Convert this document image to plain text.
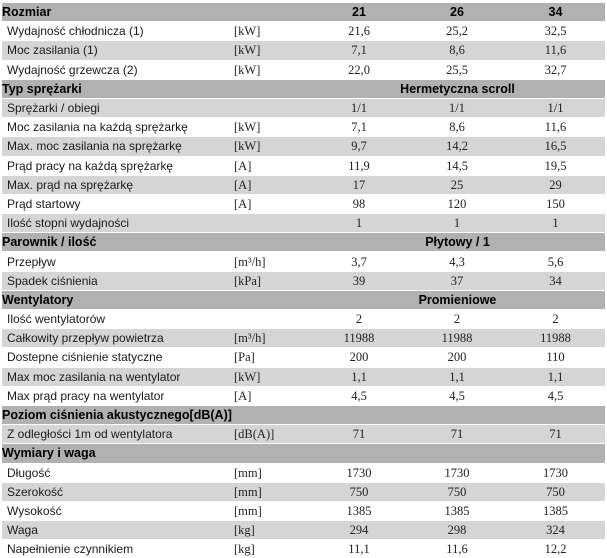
Rozmiar		21	26	34
Wydajność chłodnicza (1)	[kW]	21,6	25,2	32,5
Moc zasilania (1)	[kW]	7,1	8,6	11,6
Wydajność grzewcza (2)	[kW]	22,0	25,5	32,7
Typ sprężarki		Hermetyczna scroll		
Sprężarki / obiegi		1/1	1/1	1/1
Moc zasilania na każdą sprężarkę	[kW]	7,1	8,6	11,6
Max. moc zasilania na sprężarkę	[kW]	9,7	14,2	16,5
Prąd pracy na każdą sprężarkę	[A]	11,9	14,5	19,5
Max. prąd na sprężarkę	[A]	17	25	29
Prąd startowy	[A]	98	120	150
Ilość stopni wydajności		1	1	1
Parownik / ilość		Płytowy / 1		
Przepływ	[m³/h]	3,7	4,3	5,6
Spadek ciśnienia	[kPa]	39	37	34
Wentylatory		Promieniowe		
Ilość wentylatorów		2	2	2
Całkowity przepływ powietrza	[m³/h]	11988	11988	11988
Dostepne ciśnienie statyczne	[Pa]	200	200	110
Max moc zasilania na wentylator	[kW]	1,1	1,1	1,1
Max prąd pracy na wentylator	[A]	4,5	4,5	4,5
Poziom ciśnienia akustycznego[dB(A)]				
Z odległości 1m od wentylatora	[dB(A)]	71	71	71
Wymiary i waga				
Długość	[mm]	1730	1730	1730
Szerokość	[mm]	750	750	750
Wysokość	[mm]	1385	1385	1385
Waga	[kg]	294	298	324
Napełnienie czynnikiem	[kg]	11,1	11,6	12,2
